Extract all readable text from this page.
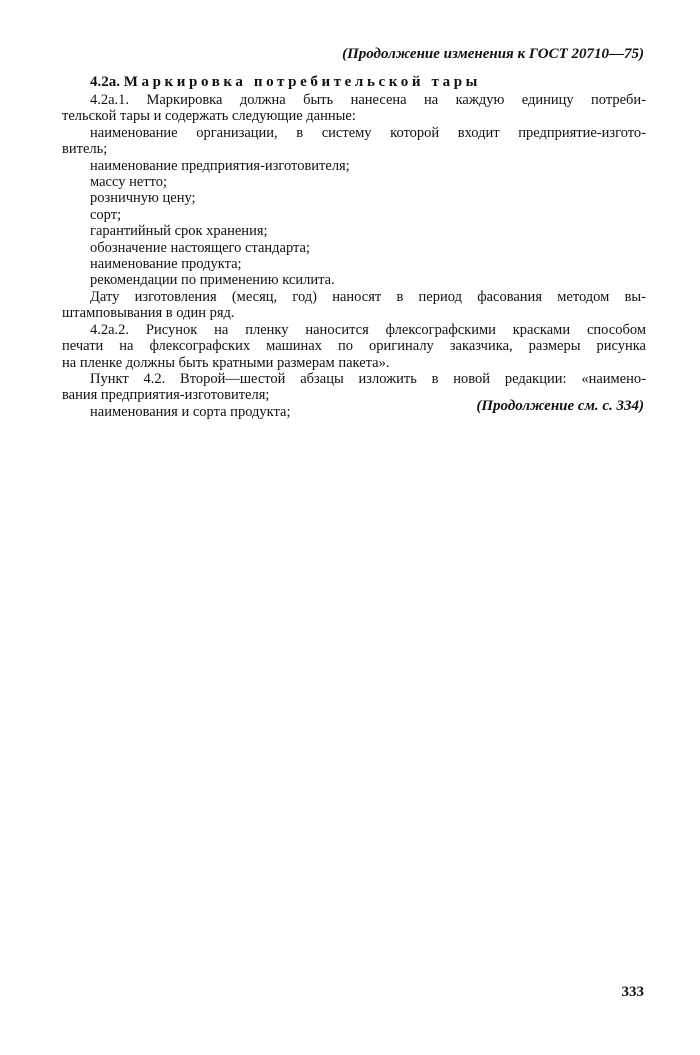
(Продолжение изменения к ГОСТ 20710—75)
4.2а. Маркировка потребительской тары
4.2а.1. Маркировка должна быть нанесена на каждую единицу потреби-
тельской тары и содержать следующие данные:
наименование организации, в систему которой входит предприятие-изгото-
витель;
наименование предприятия-изготовителя;
массу нетто;
розничную цену;
сорт;
гарантийный срок хранения;
обозначение настоящего стандарта;
наименование продукта;
рекомендации по применению ксилита.
Дату изготовления (месяц, год) наносят в период фасования методом вы-
штамповывания в один ряд.
4.2а.2. Рисунок на пленку наносится флексографскими красками способом
печати на флексографских машинах по оригиналу заказчика, размеры рисунка
на пленке должны быть кратными размерам пакета».
Пункт 4.2. Второй—шестой абзацы изложить в новой редакции: «наимено-
вания предприятия-изготовителя;
наименования и сорта продукта;	(Продолжение см. с. 334)
333
